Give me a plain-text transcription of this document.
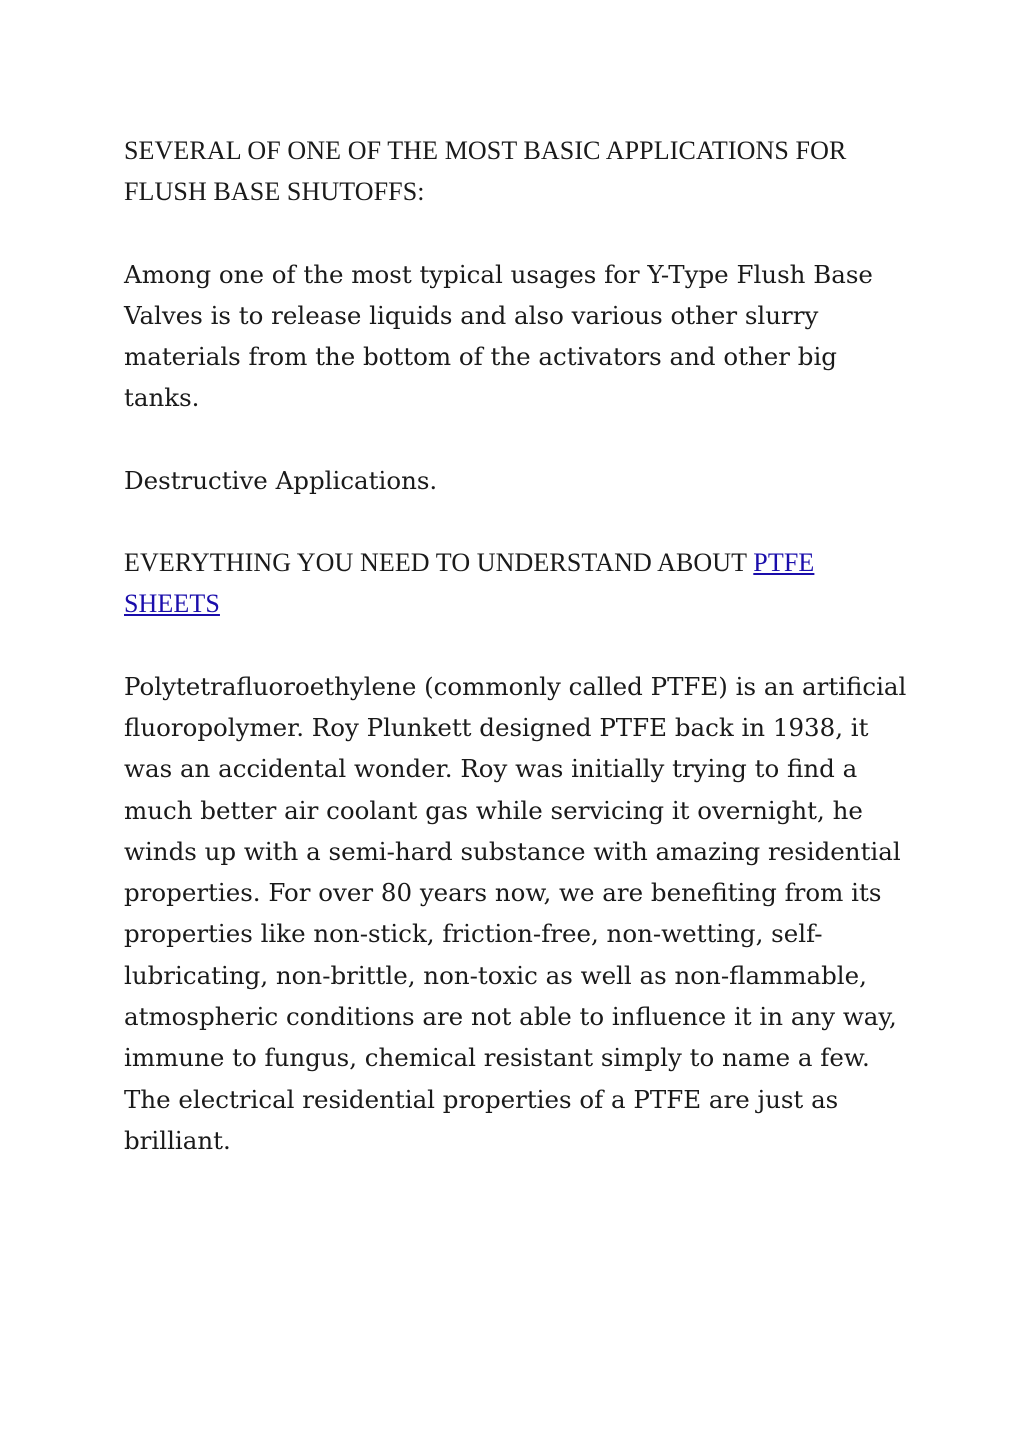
SEVERAL OF ONE OF THE MOST BASIC APPLICATIONS FOR FLUSH BASE SHUTOFFS:

Among one of the most typical usages for Y-Type Flush Base Valves is to release liquids and also various other slurry materials from the bottom of the activators and other big tanks.

Destructive Applications.

EVERYTHING YOU NEED TO UNDERSTAND ABOUT PTFE SHEETS

Polytetrafluoroethylene (commonly called PTFE) is an artificial fluoropolymer. Roy Plunkett designed PTFE back in 1938, it was an accidental wonder. Roy was initially trying to find a much better air coolant gas while servicing it overnight, he winds up with a semi-hard substance with amazing residential properties. For over 80 years now, we are benefiting from its properties like non-stick, friction-free, non-wetting, self-lubricating, non-brittle, non-toxic as well as non-flammable, atmospheric conditions are not able to influence it in any way, immune to fungus, chemical resistant simply to name a few. The electrical residential properties of a PTFE are just as brilliant.
